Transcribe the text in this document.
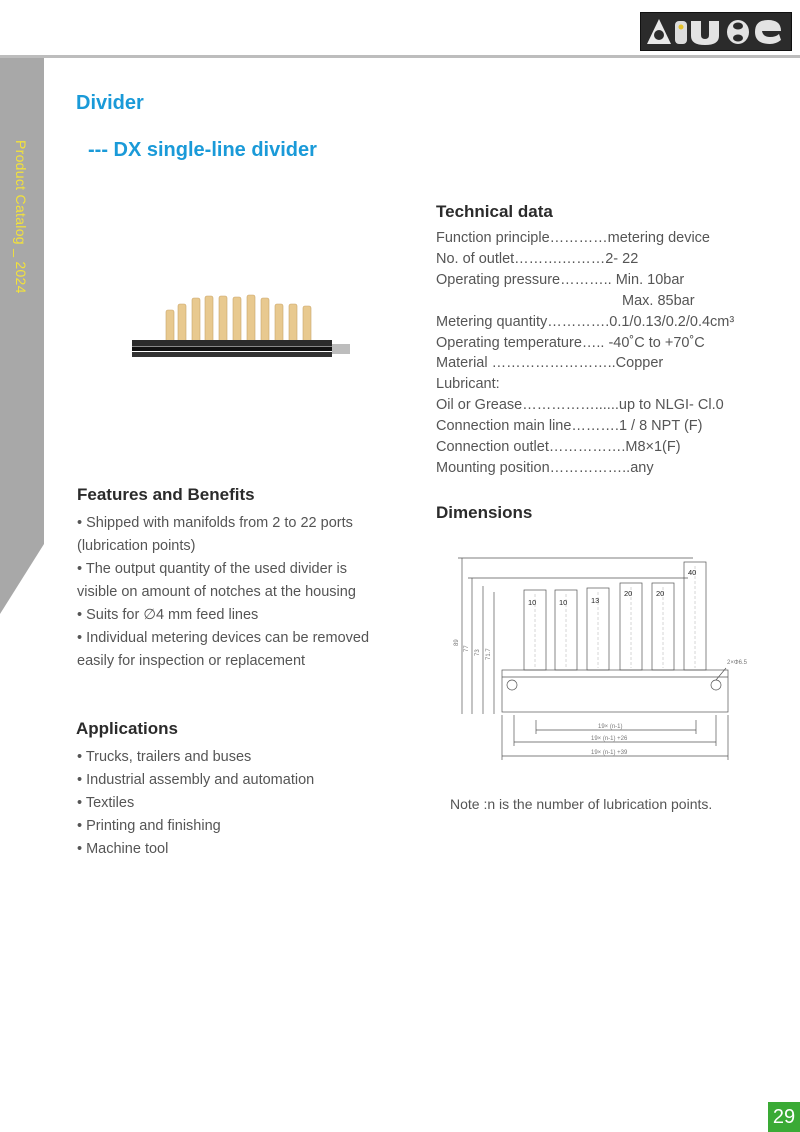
Product Catalog _ 2024
Divider
--- DX single-line divider
Technical data
Function principle…………metering device
No. of outlet……….………2- 22
Operating pressure……….. Min. 10bar
Max. 85bar
Metering quantity………….0.1/0.13/0.2/0.4cm³
Operating temperature….. -40˚C to +70˚C
Material ……………………..Copper
Lubricant:
Oil or Grease……………......up to NLGI- Cl.0
Connection main line……….1 / 8 NPT (F)
Connection outlet…………….M8×1(F)
Mounting position……………..any
Features and Benefits
• Shipped with manifolds from 2 to 22 ports
(lubrication points)
• The output quantity of the used divider is
visible on amount of notches at the housing
• Suits for ∅4 mm feed lines
• Individual metering devices can be removed
easily for inspection or replacement
Applications
• Trucks, trailers and buses
• Industrial assembly and automation
• Textiles
• Printing and finishing
• Machine tool
Dimensions
10	10	13
20	20
40
89
77
73 71.7
2×Φ6.5
19× (n-1)
19× (n-1) +26
19× (n-1) +39
Note :n is the number of lubrication points.
29
